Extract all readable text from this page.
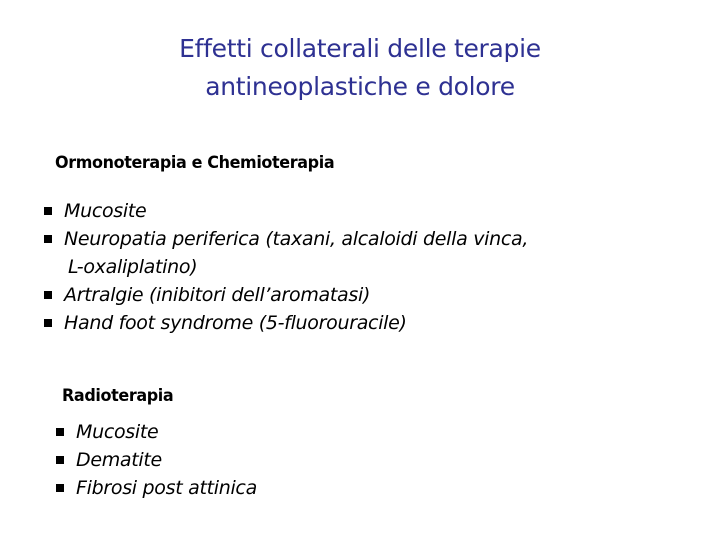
Effetti collaterali delle terapie
antineoplastiche e dolore
Ormonoterapia e Chemioterapia
Mucosite
Neuropatia periferica (taxani, alcaloidi della vinca,
L-oxaliplatino)
Artralgie (inibitori dell’aromatasi)
Hand foot syndrome (5-fluorouracile)
Radioterapia
Mucosite
Dematite
Fibrosi post attinica
